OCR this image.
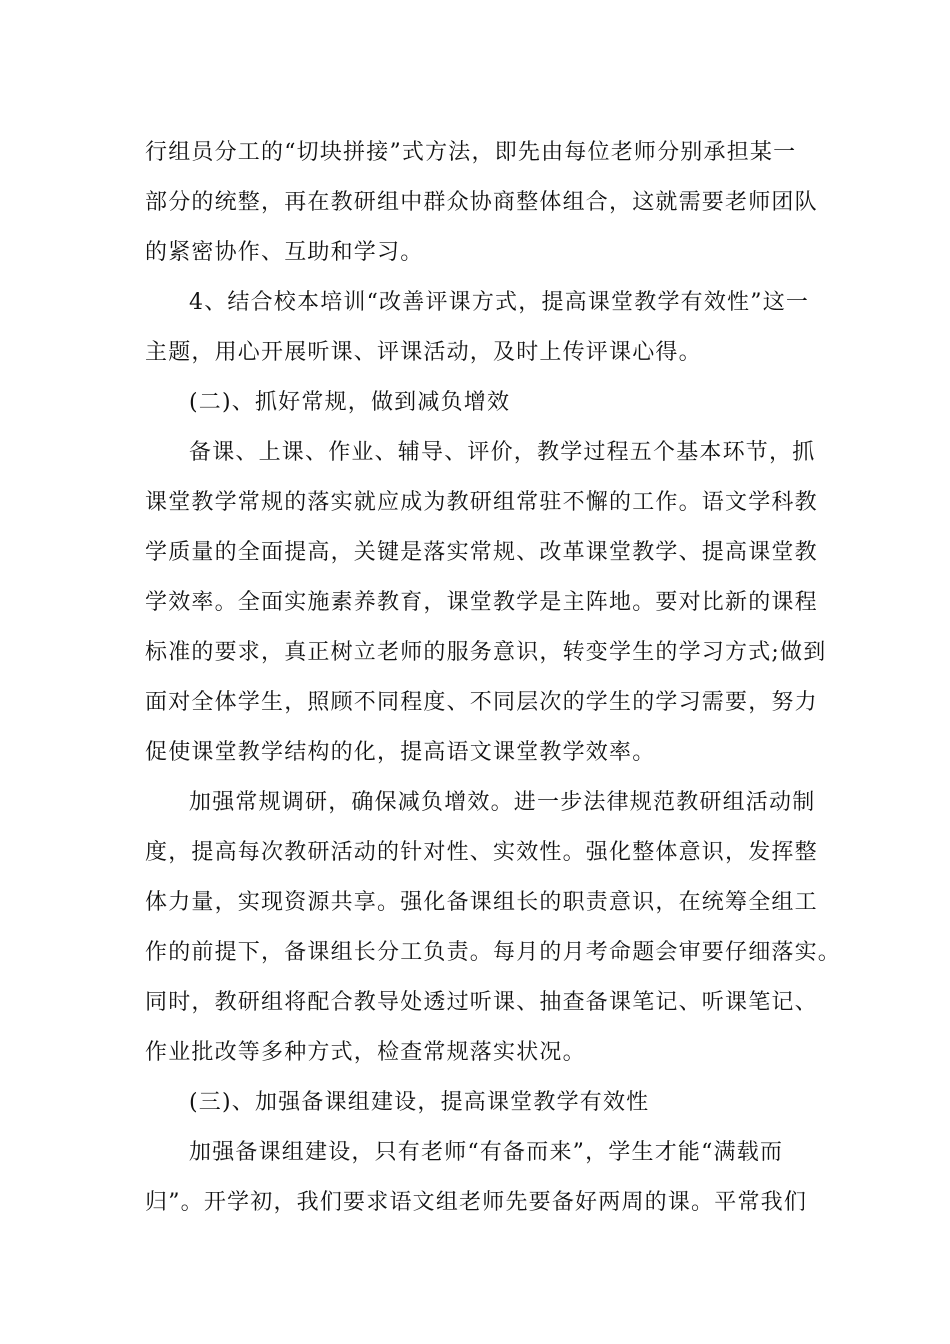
行组员分工的“切块拼接”式方法，即先由每位老师分别承担某一
部分的统整，再在教研组中群众协商整体组合，这就需要老师团队
的紧密协作、互助和学习。
4、结合校本培训“改善评课方式，提高课堂教学有效性”这一
主题，用心开展听课、评课活动，及时上传评课心得。
(二)、抓好常规，做到减负增效
备课、上课、作业、辅导、评价，教学过程五个基本环节，抓
课堂教学常规的落实就应成为教研组常驻不懈的工作。语文学科教
学质量的全面提高，关键是落实常规、改革课堂教学、提高课堂教
学效率。全面实施素养教育，课堂教学是主阵地。要对比新的课程
标准的要求，真正树立老师的服务意识，转变学生的学习方式;做到
面对全体学生，照顾不同程度、不同层次的学生的学习需要，努力
促使课堂教学结构的化，提高语文课堂教学效率。
加强常规调研，确保减负增效。进一步法律规范教研组活动制
度，提高每次教研活动的针对性、实效性。强化整体意识，发挥整
体力量，实现资源共享。强化备课组长的职责意识，在统筹全组工
作的前提下，备课组长分工负责。每月的月考命题会审要仔细落实。
同时，教研组将配合教导处透过听课、抽查备课笔记、听课笔记、
作业批改等多种方式，检查常规落实状况。
(三)、加强备课组建设，提高课堂教学有效性
加强备课组建设，只有老师“有备而来”，学生才能“满载而
归”。开学初，我们要求语文组老师先要备好两周的课。平常我们
